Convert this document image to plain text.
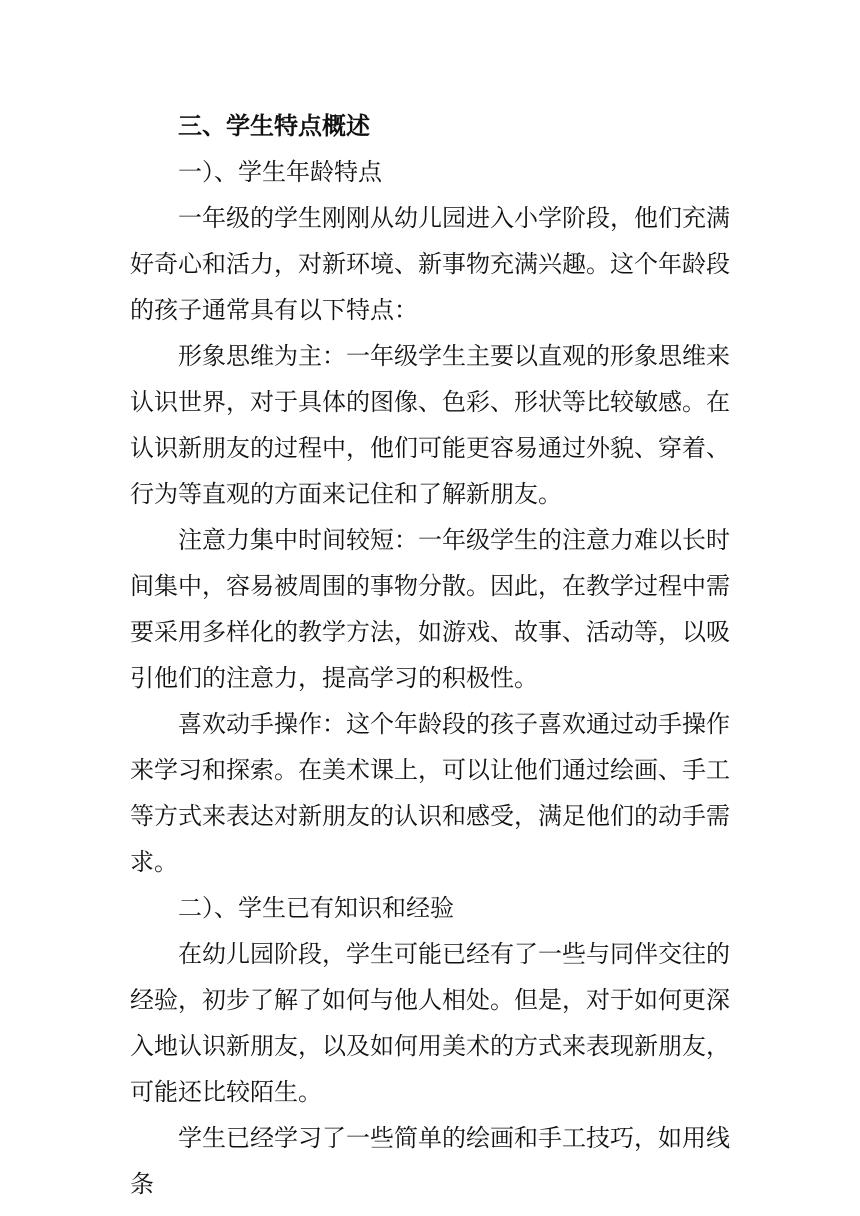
三、学生特点概述

一）、学生年龄特点

一年级的学生刚刚从幼儿园进入小学阶段，他们充满好奇心和活力，对新环境、新事物充满兴趣。这个年龄段的孩子通常具有以下特点：

形象思维为主：一年级学生主要以直观的形象思维来认识世界，对于具体的图像、色彩、形状等比较敏感。在认识新朋友的过程中，他们可能更容易通过外貌、穿着、行为等直观的方面来记住和了解新朋友。

注意力集中时间较短：一年级学生的注意力难以长时间集中，容易被周围的事物分散。因此，在教学过程中需要采用多样化的教学方法，如游戏、故事、活动等，以吸引他们的注意力，提高学习的积极性。

喜欢动手操作：这个年龄段的孩子喜欢通过动手操作来学习和探索。在美术课上，可以让他们通过绘画、手工等方式来表达对新朋友的认识和感受，满足他们的动手需求。

二）、学生已有知识和经验

在幼儿园阶段，学生可能已经有了一些与同伴交往的经验，初步了解了如何与他人相处。但是，对于如何更深入地认识新朋友，以及如何用美术的方式来表现新朋友，可能还比较陌生。

学生已经学习了一些简单的绘画和手工技巧，如用线条
